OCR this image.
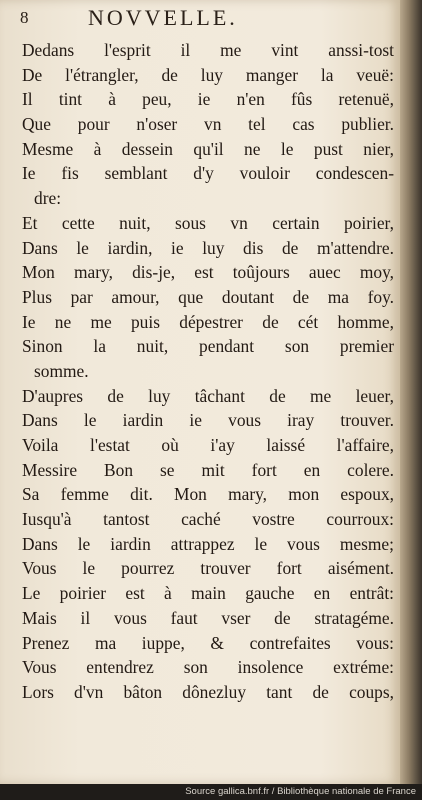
8	NOVVELLE.
Dedans l'esprit il me vint anssi-tost
De l'étrangler, de luy manger la veuë:
Il tint à peu, ie n'en fûs retenuë,
Que pour n'oser vn tel cas publier.
Mesme à dessein qu'il ne le pust nier,
Ie fis semblant d'y vouloir condescen-
dre:
Et cette nuit, sous vn certain poirier,
Dans le iardin, ie luy dis de m'attendre.
Mon mary, dis-je, est toûjours auec moy,
Plus par amour, que doutant de ma foy.
Ie ne me puis dépestrer de cét homme,
Sinon la nuit, pendant son premier
somme.
D'aupres de luy tâchant de me leuer,
Dans le iardin ie vous iray trouver.
Voila l'estat où i'ay laissé l'affaire,
Messire Bon se mit fort en colere.
Sa femme dit. Mon mary, mon espoux,
Iusqu'à tantost caché vostre courroux:
Dans le iardin attrappez le vous mesme;
Vous le pourrez trouver fort aisément.
Le poirier est à main gauche en entrât:
Mais il vous faut vser de stratagéme.
Prenez ma iuppe, & contrefaites vous:
Vous entendrez son insolence extréme:
Lors d'vn bâton dônezluy tant de coups,
Source gallica.bnf.fr / Bibliothèque nationale de France
